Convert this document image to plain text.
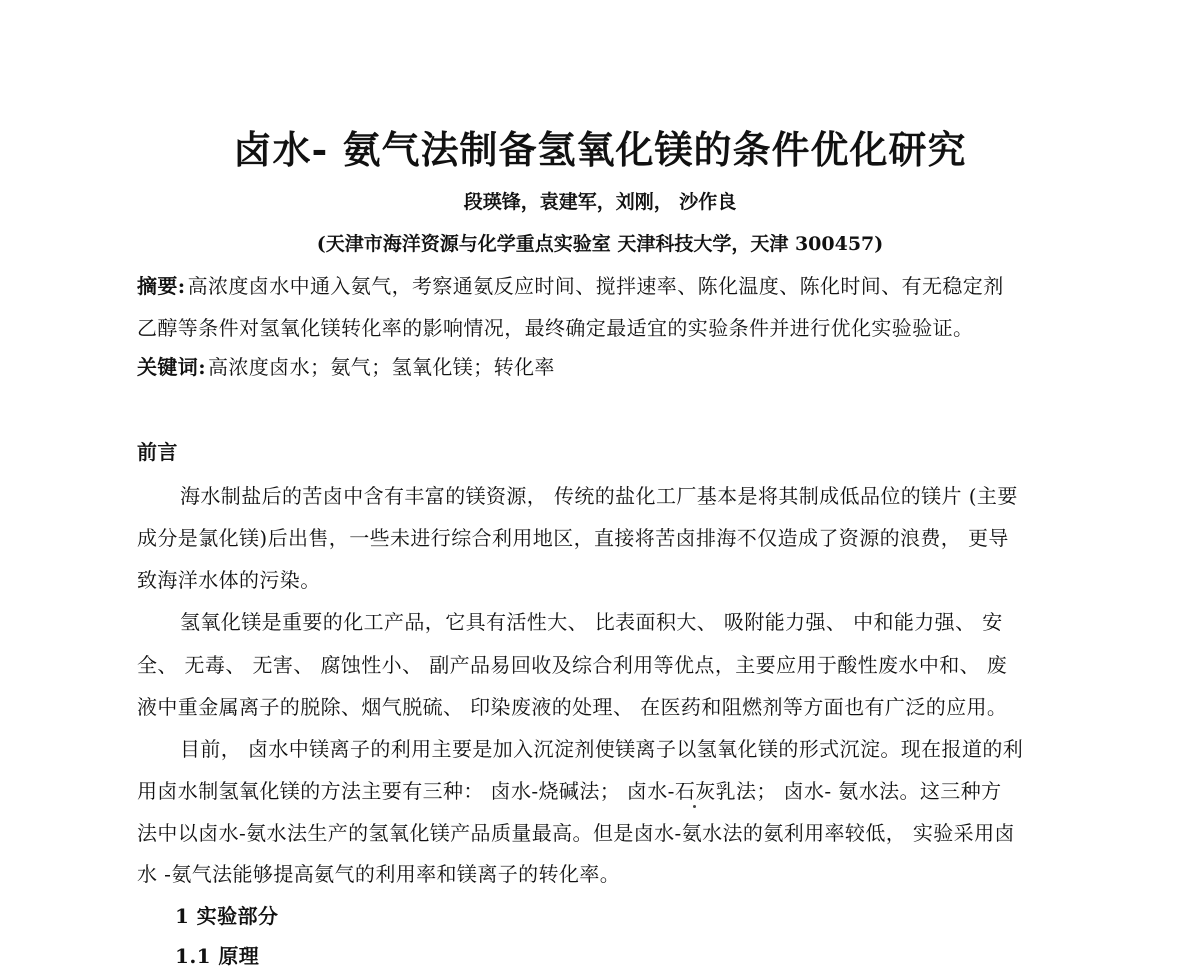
卤水- 氨气法制备氢氧化镁的条件优化研究
段瑛锋，袁建军，刘刚， 沙作良
(天津市海洋资源与化学重点实验室 天津科技大学，天津 300457)
摘要: 高浓度卤水中通入氨气，考察通氨反应时间、搅拌速率、陈化温度、陈化时间、有无稳定剂
乙醇等条件对氢氧化镁转化率的影响情况，最终确定最适宜的实验条件并进行优化实验验证。
关键词: 高浓度卤水；氨气；氢氧化镁；转化率
前言
海水制盐后的苦卤中含有丰富的镁资源， 传统的盐化工厂基本是将其制成低品位的镁片 (主要
成分是氯化镁)后出售，一些未进行综合利用地区，直接将苦卤排海不仅造成了资源的浪费， 更导
致海洋水体的污染。
氢氧化镁是重要的化工产品，它具有活性大、 比表面积大、 吸附能力强、 中和能力强、 安
全、 无毒、 无害、 腐蚀性小、 副产品易回收及综合利用等优点，主要应用于酸性废水中和、 废
液中重金属离子的脱除、烟气脱硫、 印染废液的处理、 在医药和阻燃剂等方面也有广泛的应用。
目前， 卤水中镁离子的利用主要是加入沉淀剂使镁离子以氢氧化镁的形式沉淀。现在报道的利
用卤水制氢氧化镁的方法主要有三种： 卤水-烧碱法； 卤水-石灰乳法； 卤水- 氨水法。这三种方
法中以卤水-氨水法生产的氢氧化镁产品质量最高。但是卤水-氨水法的氨利用率较低， 实验采用卤
水 -氨气法能够提高氨气的利用率和镁离子的转化率。
1 实验部分
1.1 原理
